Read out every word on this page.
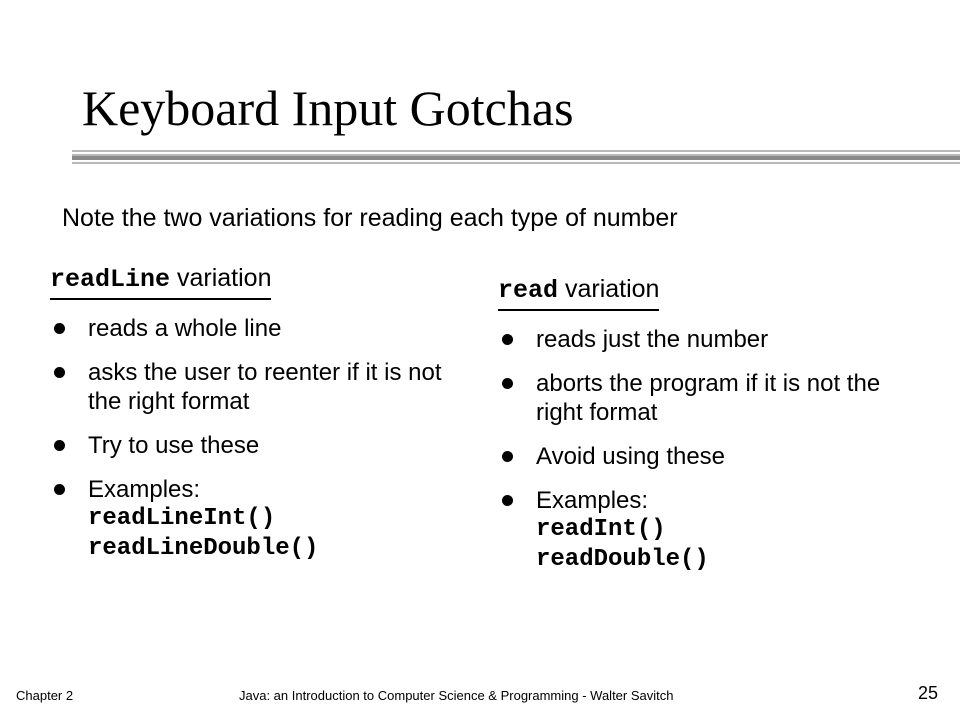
Keyboard Input Gotchas
Note the two variations for reading each type of number
readLine variation
reads a whole line
asks the user to reenter if it is not the right format
Try to use these
Examples:
readLineInt()
readLineDouble()
read variation
reads just the number
aborts the program if it is not the right format
Avoid using these
Examples:
readInt()
readDouble()
Chapter 2	Java: an Introduction to Computer Science & Programming - Walter Savitch	25
